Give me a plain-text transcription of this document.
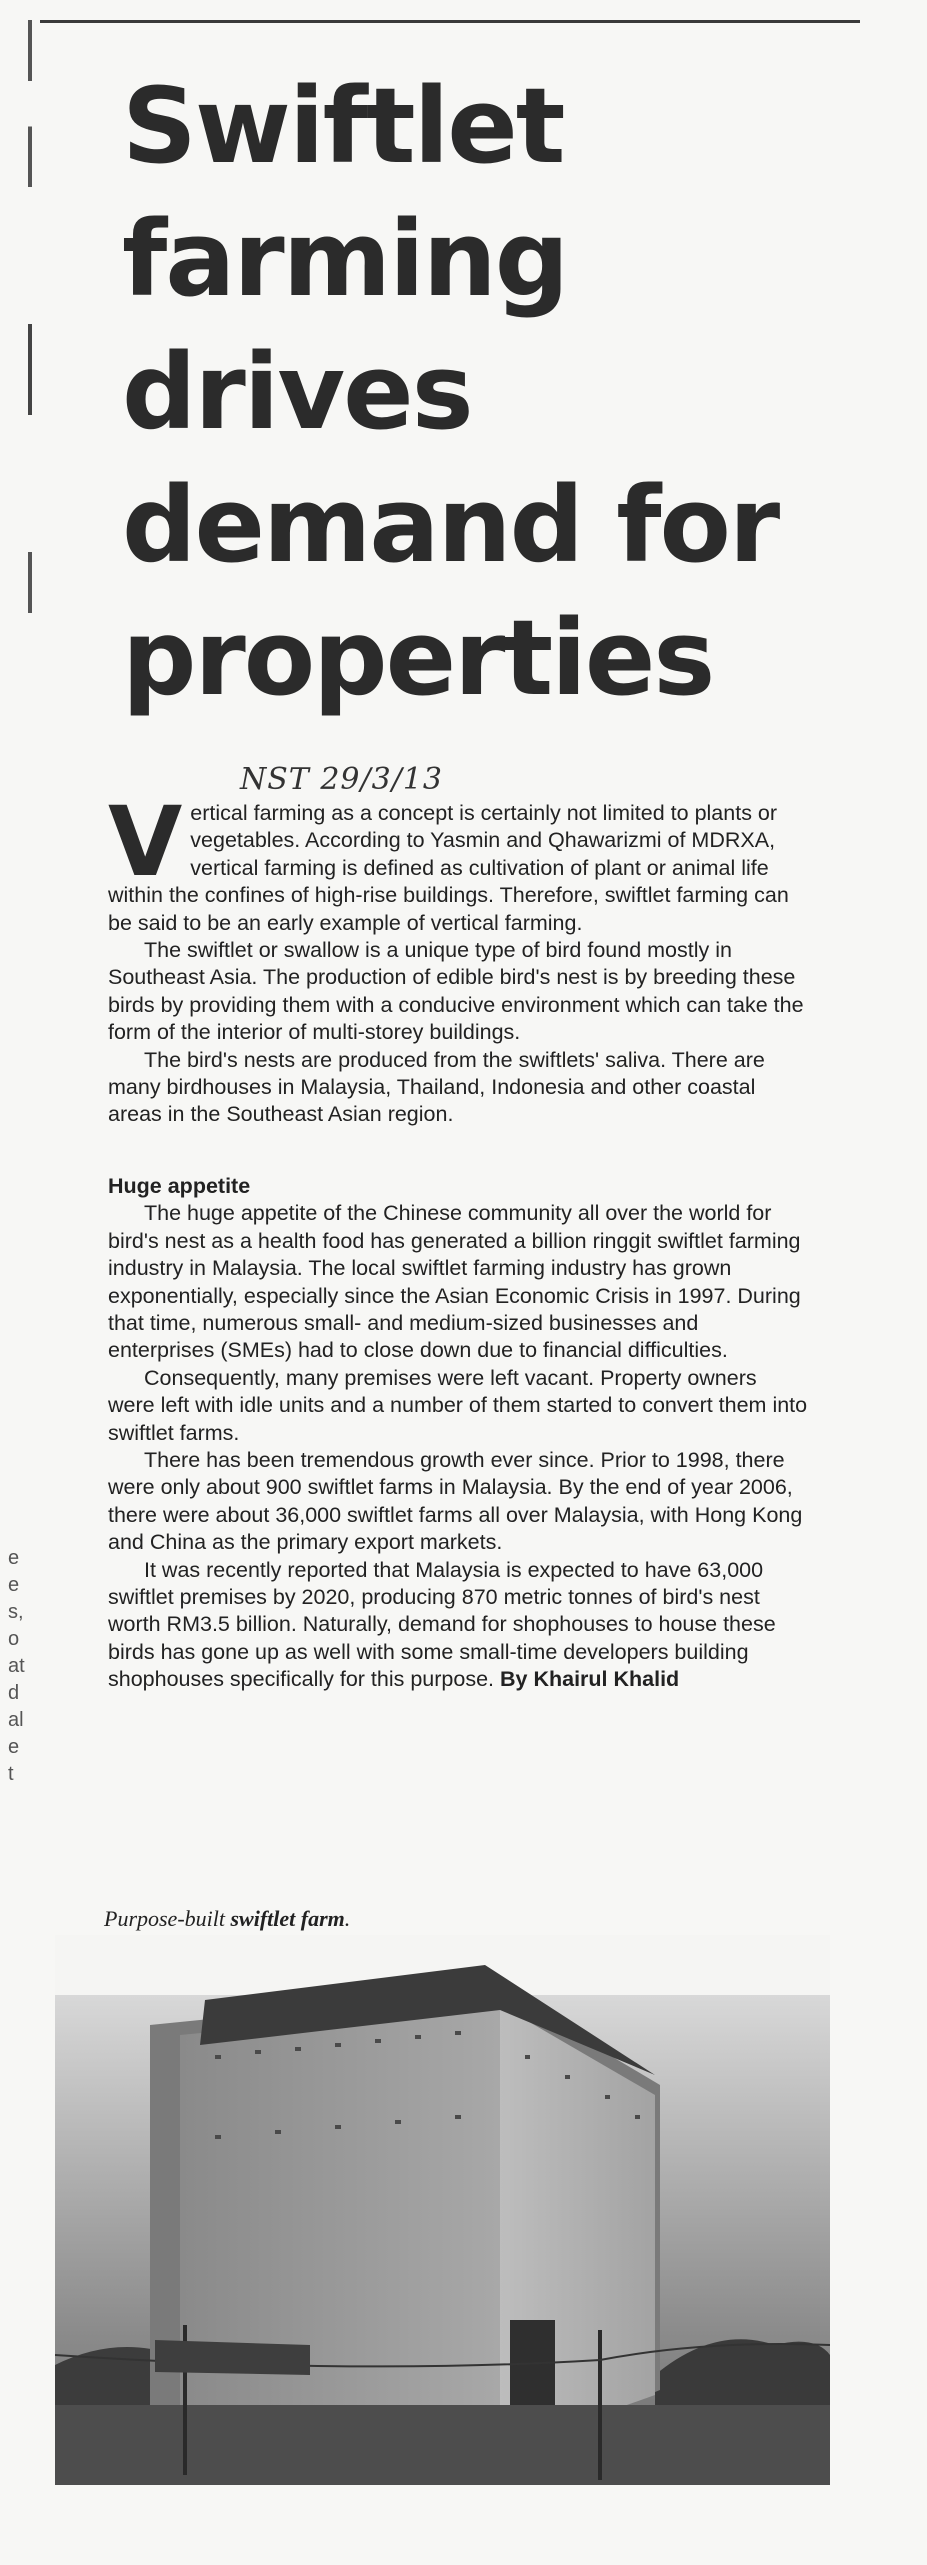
Swiftlet farming drives demand for properties
NST 29/3/13

Vertical farming as a concept is certainly not limited to plants or vegetables. According to Yasmin and Qhawarizmi of MDRXA, vertical farming is defined as cultivation of plant or animal life within the confines of high-rise buildings. Therefore, swiftlet farming can be said to be an early example of vertical farming.

The swiftlet or swallow is a unique type of bird found mostly in Southeast Asia. The production of edible bird's nest is by breeding these birds by providing them with a conducive environment which can take the form of the interior of multi-storey buildings.

The bird's nests are produced from the swiftlets' saliva. There are many birdhouses in Malaysia, Thailand, Indonesia and other coastal areas in the Southeast Asian region.

Huge appetite

The huge appetite of the Chinese community all over the world for bird's nest as a health food has generated a billion ringgit swiftlet farming industry in Malaysia. The local swiftlet farming industry has grown exponentially, especially since the Asian Economic Crisis in 1997. During that time, numerous small- and medium-sized businesses and enterprises (SMEs) had to close down due to financial difficulties.

Consequently, many premises were left vacant. Property owners were left with idle units and a number of them started to convert them into swiftlet farms.

There has been tremendous growth ever since. Prior to 1998, there were only about 900 swiftlet farms in Malaysia. By the end of year 2006, there were about 36,000 swiftlet farms all over Malaysia, with Hong Kong and China as the primary export markets.

It was recently reported that Malaysia is expected to have 63,000 swiftlet premises by 2020, producing 870 metric tonnes of bird's nest worth RM3.5 billion. Naturally, demand for shophouses to house these birds has gone up as well with some small-time developers building shophouses specifically for this purpose. By Khairul Khalid

e
e
s,
o
at
d
al
e
t
Purpose-built swiftlet farm.
